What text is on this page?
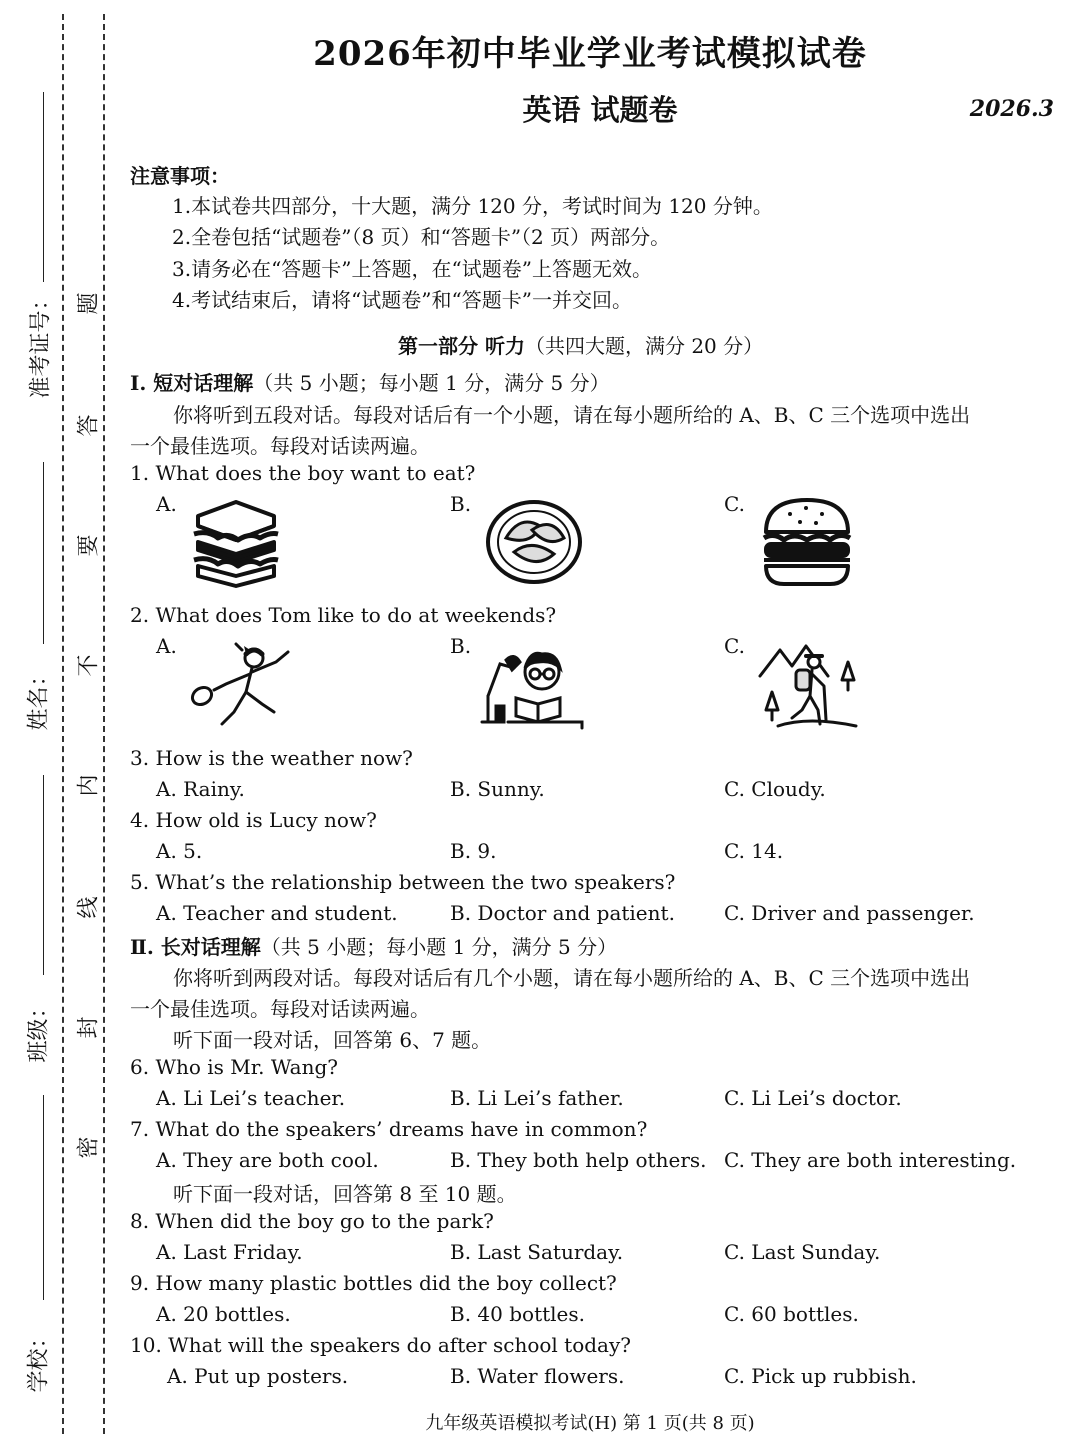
准考证号：
姓名：
班级：
学校：
题
答
要
不
内
线
封
密
2026年初中毕业学业考试模拟试卷
英语 试题卷	2026.3
注意事项：
1.本试卷共四部分，十大题，满分 120 分，考试时间为 120 分钟。
2.全卷包括“试题卷”（8 页）和“答题卡”（2 页）两部分。
3.请务必在“答题卡”上答题，在“试题卷”上答题无效。
4.考试结束后，请将“试题卷”和“答题卡”一并交回。
第一部分 听力（共四大题，满分 20 分）
Ⅰ. 短对话理解（共 5 小题；每小题 1 分，满分 5 分）
你将听到五段对话。每段对话后有一个小题，请在每小题所给的 A、B、C 三个选项中选出
一个最佳选项。每段对话读两遍。
1. What does the boy want to eat?
A.	B.	C.
2. What does Tom like to do at weekends?
A.	B.	C.
3. How is the weather now?
A. Rainy.	B. Sunny.	C. Cloudy.
4. How old is Lucy now?
A. 5.	B. 9.	C. 14.
5. What’s the relationship between the two speakers?
A. Teacher and student.	B. Doctor and patient. C. Driver and passenger.
Ⅱ. 长对话理解（共 5 小题；每小题 1 分，满分 5 分）
你将听到两段对话。每段对话后有几个小题，请在每小题所给的 A、B、C 三个选项中选出
一个最佳选项。每段对话读两遍。
听下面一段对话，回答第 6、7 题。
6. Who is Mr. Wang?
A. Li Lei’s teacher.	B. Li Lei’s father.	C. Li Lei’s doctor.
7. What do the speakers’ dreams have in common?
A. They are both cool.	B. They both help others. C. They are both interesting.
听下面一段对话，回答第 8 至 10 题。
8. When did the boy go to the park?
A. Last Friday.	B. Last Saturday.	C. Last Sunday.
9. How many plastic bottles did the boy collect?
A. 20 bottles.	B. 40 bottles.	C. 60 bottles.
10. What will the speakers do after school today?
A. Put up posters.	B. Water flowers.	C. Pick up rubbish.
九年级英语模拟考试(H) 第 1 页(共 8 页)
